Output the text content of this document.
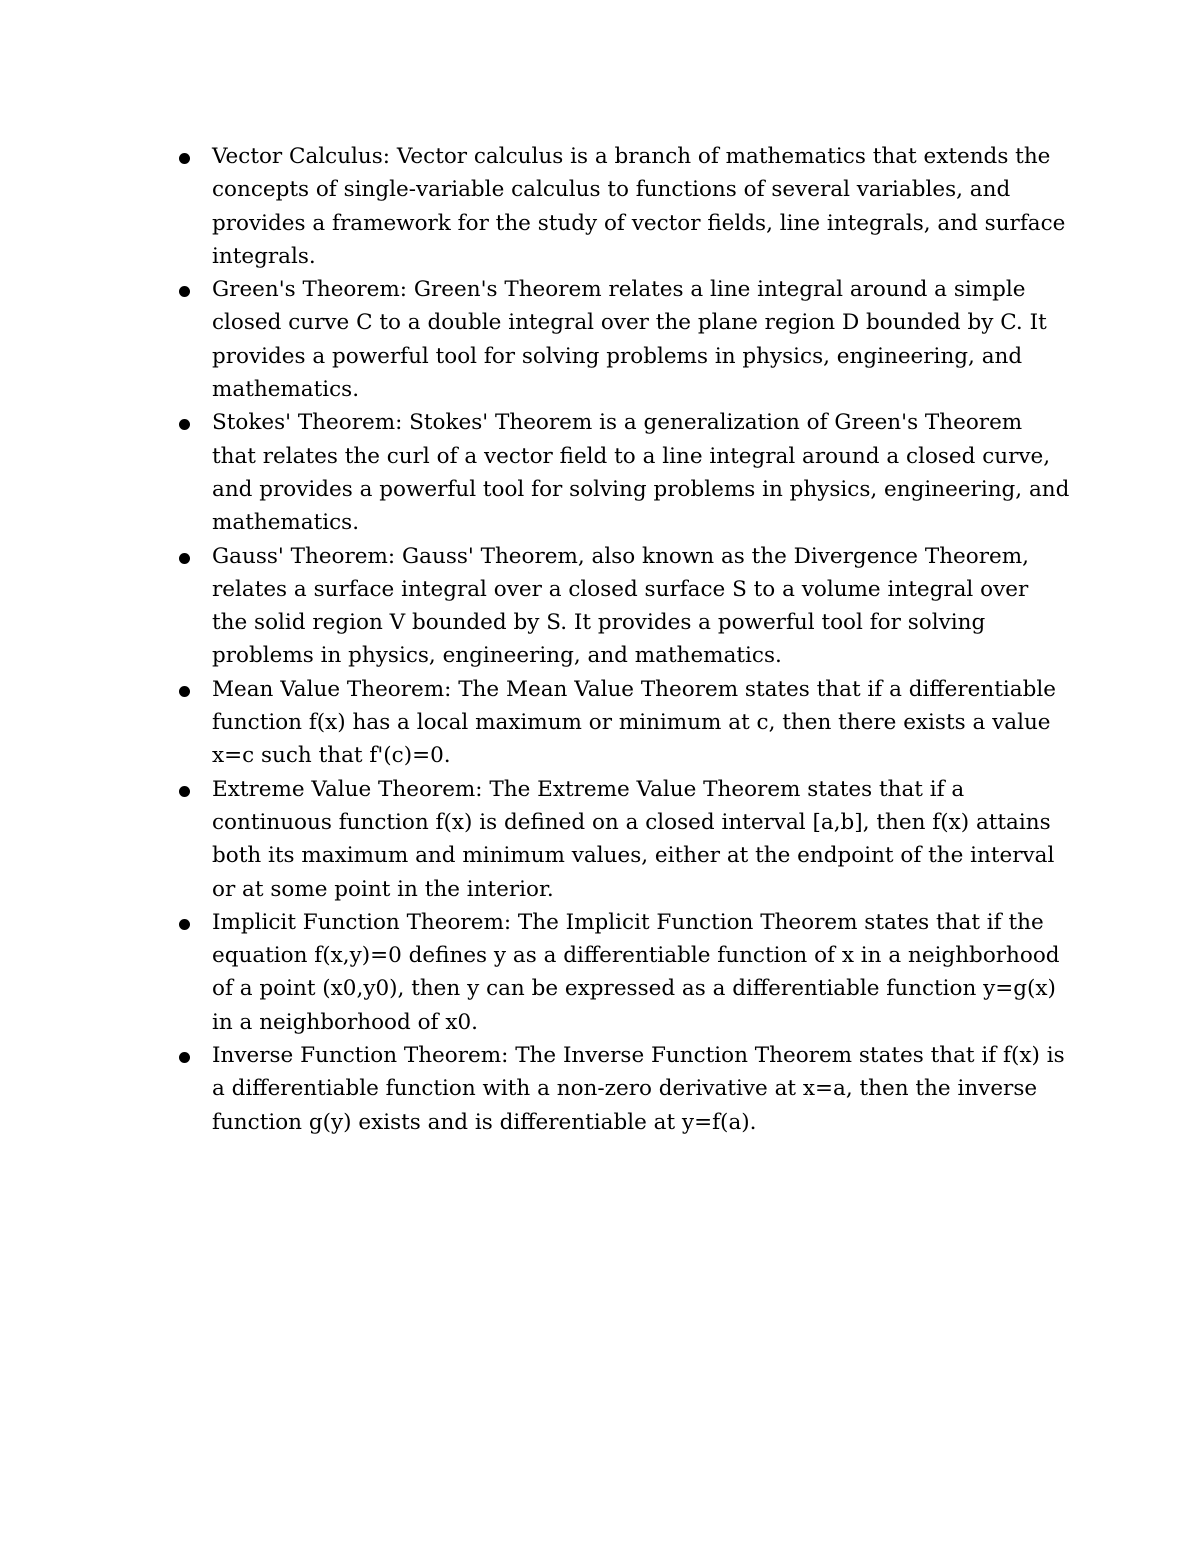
Vector Calculus: Vector calculus is a branch of mathematics that extends the concepts of single-variable calculus to functions of several variables, and provides a framework for the study of vector fields, line integrals, and surface integrals.
Green's Theorem: Green's Theorem relates a line integral around a simple closed curve C to a double integral over the plane region D bounded by C. It provides a powerful tool for solving problems in physics, engineering, and mathematics.
Stokes' Theorem: Stokes' Theorem is a generalization of Green's Theorem that relates the curl of a vector field to a line integral around a closed curve, and provides a powerful tool for solving problems in physics, engineering, and mathematics.
Gauss' Theorem: Gauss' Theorem, also known as the Divergence Theorem, relates a surface integral over a closed surface S to a volume integral over the solid region V bounded by S. It provides a powerful tool for solving problems in physics, engineering, and mathematics.
Mean Value Theorem: The Mean Value Theorem states that if a differentiable function f(x) has a local maximum or minimum at c, then there exists a value x=c such that f'(c)=0.
Extreme Value Theorem: The Extreme Value Theorem states that if a continuous function f(x) is defined on a closed interval [a,b], then f(x) attains both its maximum and minimum values, either at the endpoint of the interval or at some point in the interior.
Implicit Function Theorem: The Implicit Function Theorem states that if the equation f(x,y)=0 defines y as a differentiable function of x in a neighborhood of a point (x0,y0), then y can be expressed as a differentiable function y=g(x) in a neighborhood of x0.
Inverse Function Theorem: The Inverse Function Theorem states that if f(x) is a differentiable function with a non-zero derivative at x=a, then the inverse function g(y) exists and is differentiable at y=f(a).
